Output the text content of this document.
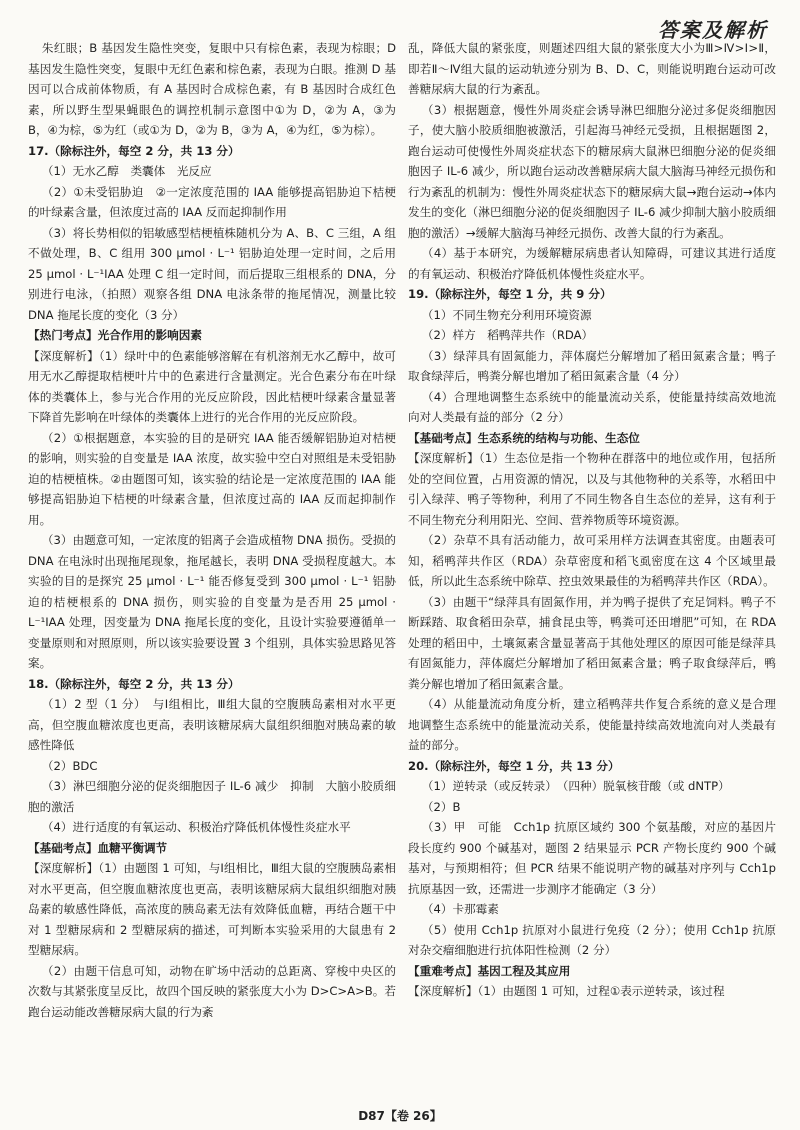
答案及解析

朱红眼；B 基因发生隐性突变，复眼中只有棕色素，表现为棕眼；D 基因发生隐性突变，复眼中无红色素和棕色素，表现为白眼。推测 D 基因可以合成前体物质，有 A 基因时合成棕色素，有 B 基因时合成红色素，所以野生型果蝇眼色的调控机制示意图中①为 D，②为 A，③为 B，④为棕，⑤为红（或①为 D，②为 B，③为 A，④为红，⑤为棕）。

17.（除标注外，每空 2 分，共 13 分）

（1）无水乙醇　类囊体　光反应

（2）①未受铝胁迫　②一定浓度范围的 IAA 能够提高铝胁迫下桔梗的叶绿素含量，但浓度过高的 IAA 反而起抑制作用

（3）将长势相似的铝敏感型桔梗植株随机分为 A、B、C 三组，A 组不做处理，B、C 组用 300 μmol · L⁻¹ 铝胁迫处理一定时间，之后用 25 μmol · L⁻¹IAA 处理 C 组一定时间，而后提取三组根系的 DNA，分别进行电泳，（拍照）观察各组 DNA 电泳条带的拖尾情况，测量比较 DNA 拖尾长度的变化（3 分）

【热门考点】光合作用的影响因素

【深度解析】（1）绿叶中的色素能够溶解在有机溶剂无水乙醇中，故可用无水乙醇提取桔梗叶片中的色素进行含量测定。光合色素分布在叶绿体的类囊体上，参与光合作用的光反应阶段，因此桔梗叶绿素含量显著下降首先影响在叶绿体的类囊体上进行的光合作用的光反应阶段。

（2）①根据题意，本实验的目的是研究 IAA 能否缓解铝胁迫对桔梗的影响，则实验的自变量是 IAA 浓度，故实验中空白对照组是未受铝胁迫的桔梗植株。②由题图可知，该实验的结论是一定浓度范围的 IAA 能够提高铝胁迫下桔梗的叶绿素含量，但浓度过高的 IAA 反而起抑制作用。

（3）由题意可知，一定浓度的铝离子会造成植物 DNA 损伤。受损的 DNA 在电泳时出现拖尾现象，拖尾越长，表明 DNA 受损程度越大。本实验的目的是探究 25 μmol · L⁻¹ 能否修复受到 300 μmol · L⁻¹ 铝胁迫的桔梗根系的 DNA 损伤，则实验的自变量为是否用 25 μmol · L⁻¹IAA 处理，因变量为 DNA 拖尾长度的变化，且设计实验要遵循单一变量原则和对照原则，所以该实验要设置 3 个组别，具体实验思路见答案。

18.（除标注外，每空 2 分，共 13 分）

（1）2 型（1 分）　与Ⅰ组相比，Ⅲ组大鼠的空腹胰岛素相对水平更高，但空腹血糖浓度也更高，表明该糖尿病大鼠组织细胞对胰岛素的敏感性降低

（2）BDC

（3）淋巴细胞分泌的促炎细胞因子 IL-6 减少　抑制　大脑小胶质细胞的激活

（4）进行适度的有氧运动、积极治疗降低机体慢性炎症水平

【基础考点】血糖平衡调节

【深度解析】（1）由题图 1 可知，与Ⅰ组相比，Ⅲ组大鼠的空腹胰岛素相对水平更高，但空腹血糖浓度也更高，表明该糖尿病大鼠组织细胞对胰岛素的敏感性降低，高浓度的胰岛素无法有效降低血糖，再结合题干中对 1 型糖尿病和 2 型糖尿病的描述，可判断本实验采用的大鼠患有 2 型糖尿病。

（2）由题干信息可知，动物在旷场中活动的总距离、穿梭中央区的次数与其紧张度呈反比，故四个国反映的紧张度大小为 D>C>A>B。若跑台运动能改善糖尿病大鼠的行为紊

乱，降低大鼠的紧张度，则题述四组大鼠的紧张度大小为Ⅲ>Ⅳ>Ⅰ>Ⅱ，即若Ⅱ～Ⅳ组大鼠的运动轨迹分别为 B、D、C，则能说明跑台运动可改善糖尿病大鼠的行为紊乱。

（3）根据题意，慢性外周炎症会诱导淋巴细胞分泌过多促炎细胞因子，使大脑小胶质细胞被激活，引起海马神经元受损，且根据题图 2，跑台运动可使慢性外周炎症状态下的糖尿病大鼠淋巴细胞分泌的促炎细胞因子 IL-6 减少，所以跑台运动改善糖尿病大鼠大脑海马神经元损伤和行为紊乱的机制为：慢性外周炎症状态下的糖尿病大鼠→跑台运动→体内发生的变化（淋巴细胞分泌的促炎细胞因子 IL-6 减少抑制大脑小胶质细胞的激活）→缓解大脑海马神经元损伤、改善大鼠的行为紊乱。

（4）基于本研究，为缓解糖尿病患者认知障碍，可建议其进行适度的有氧运动、积极治疗降低机体慢性炎症水平。

19.（除标注外，每空 1 分，共 9 分）

（1）不同生物充分利用环境资源

（2）样方　稻鸭萍共作（RDA）

（3）绿萍具有固氮能力，萍体腐烂分解增加了稻田氮素含量；鸭子取食绿萍后，鸭粪分解也增加了稻田氮素含量（4 分）

（4）合理地调整生态系统中的能量流动关系，使能量持续高效地流向对人类最有益的部分（2 分）

【基础考点】生态系统的结构与功能、生态位

【深度解析】（1）生态位是指一个物种在群落中的地位或作用，包括所处的空间位置，占用资源的情况，以及与其他物种的关系等，水稻田中引入绿萍、鸭子等物种，利用了不同生物各自生态位的差异，这有利于不同生物充分利用阳光、空间、营养物质等环境资源。

（2）杂草不具有活动能力，故可采用样方法调查其密度。由题表可知，稻鸭萍共作区（RDA）杂草密度和稻飞虱密度在这 4 个区域里最低，所以此生态系统中除草、控虫效果最佳的为稻鸭萍共作区（RDA）。

（3）由题干“绿萍具有固氮作用，并为鸭子提供了充足饲料。鸭子不断踩踏、取食稻田杂草，捕食昆虫等，鸭粪可还田增肥”可知，在 RDA 处理的稻田中，土壤氮素含量显著高于其他处理区的原因可能是绿萍具有固氮能力，萍体腐烂分解增加了稻田氮素含量；鸭子取食绿萍后，鸭粪分解也增加了稻田氮素含量。

（4）从能量流动角度分析，建立稻鸭萍共作复合系统的意义是合理地调整生态系统中的能量流动关系，使能量持续高效地流向对人类最有益的部分。

20.（除标注外，每空 1 分，共 13 分）

（1）逆转录（或反转录）　（四种）脱氧核苷酸（或 dNTP）

（2）B

（3）甲　可能　Cch1p 抗原区域约 300 个氨基酸，对应的基因片段长度约 900 个碱基对，题图 2 结果显示 PCR 产物长度约 900 个碱基对，与预期相符；但 PCR 结果不能说明产物的碱基对序列与 Cch1p 抗原基因一致，还需进一步测序才能确定（3 分）

（4）卡那霉素

（5）使用 Cch1p 抗原对小鼠进行免疫（2 分）；使用 Cch1p 抗原对杂交瘤细胞进行抗体阳性检测（2 分）

【重难考点】基因工程及其应用

【深度解析】（1）由题图 1 可知，过程①表示逆转录，该过程

D87【卷 26】
